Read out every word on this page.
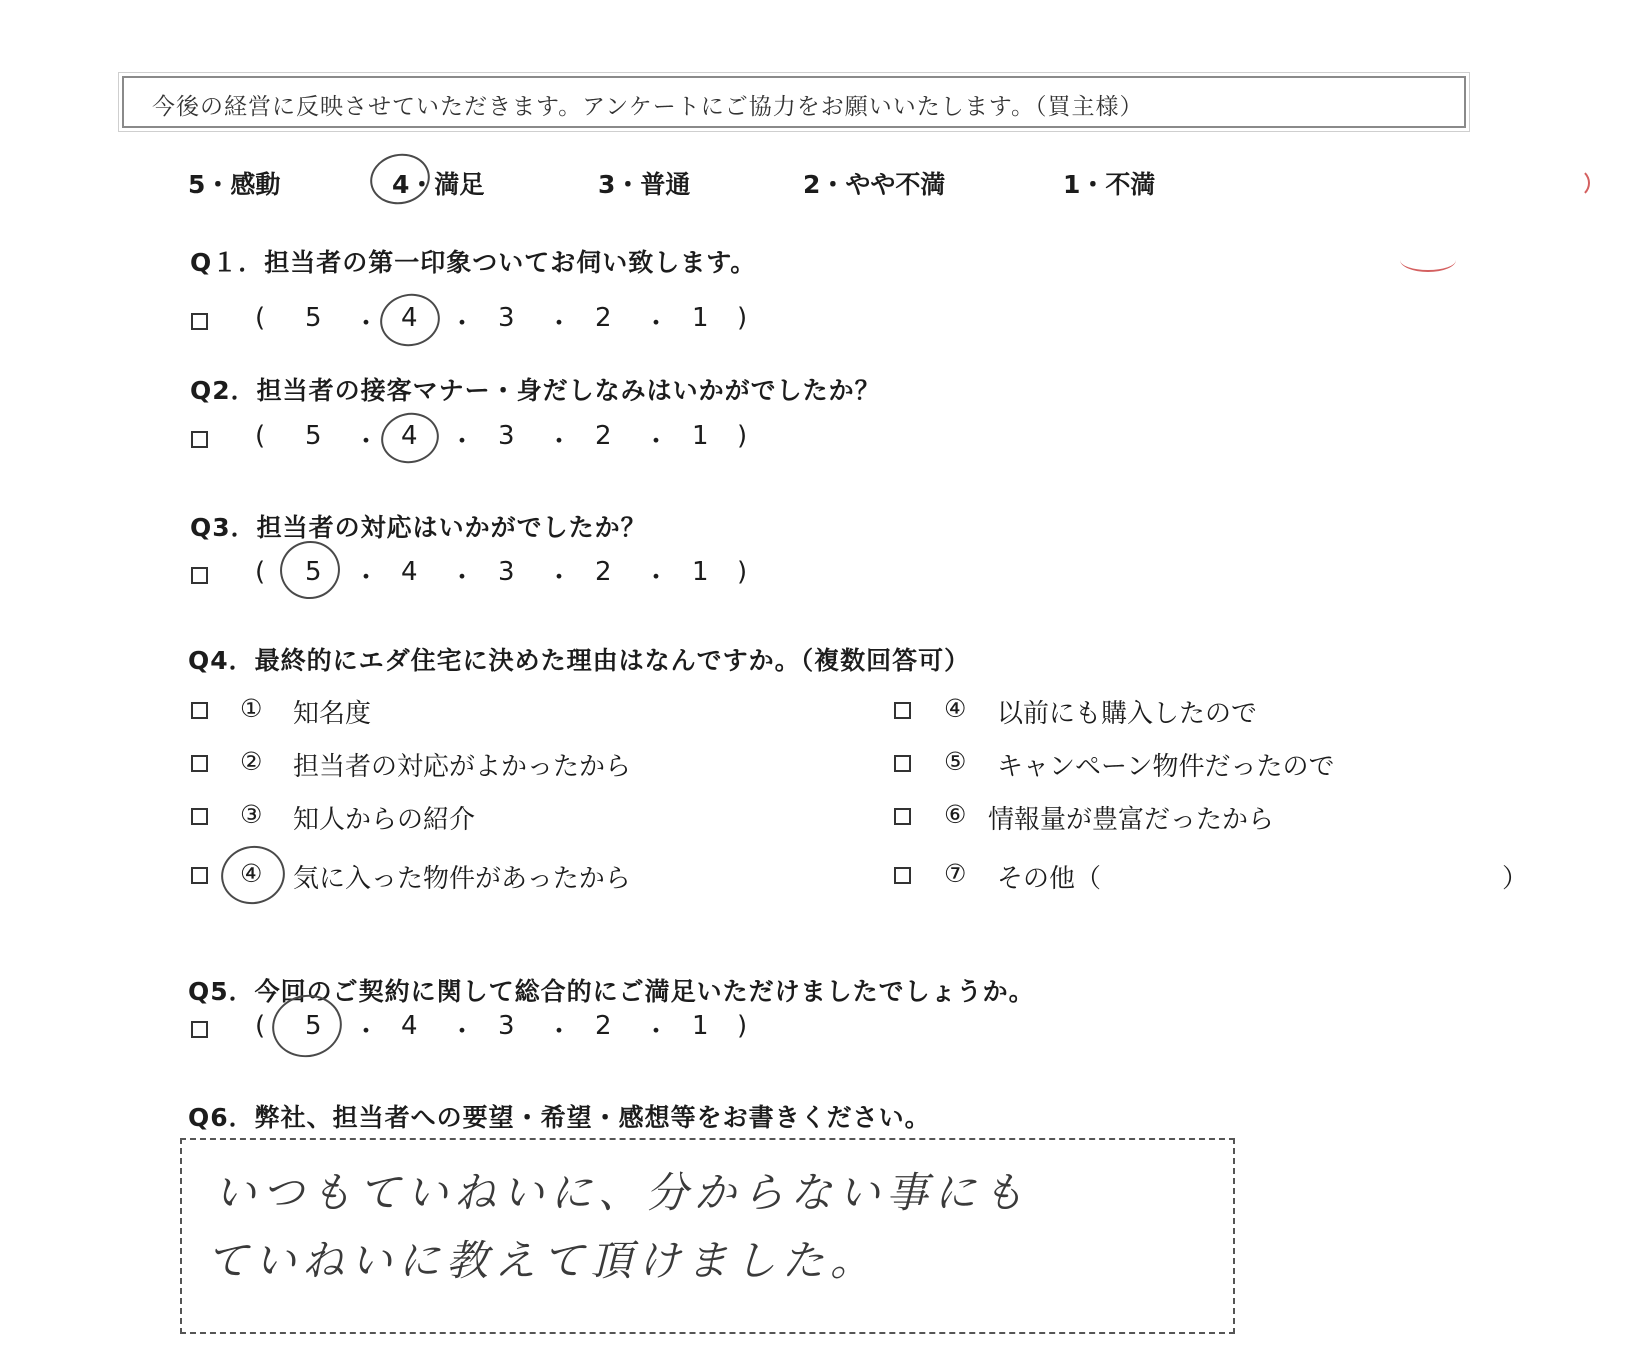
今後の経営に反映させていただきます。アンケートにご協力をお願いいたします。（買主様）
5・感動	4・満足	3・普通	2・やや不満	1・不満
Q１．担当者の第一印象ついてお伺い致します。
( 5 ・ 4 ・ 3 ・ 2 ・ 1 )
Q2．担当者の接客マナー・身だしなみはいかがでしたか？
( 5 ・ 4 ・ 3 ・ 2 ・ 1 )
Q3．担当者の対応はいかがでしたか？
( 5 ・ 4 ・ 3 ・ 2 ・ 1 )
Q4．最終的にエダ住宅に決めた理由はなんですか。（複数回答可）
① 知名度
② 担当者の対応がよかったから
③ 知人からの紹介
④ 気に入った物件があったから
④ 以前にも購入したので
⑤ キャンペーン物件だったので
⑥ 情報量が豊富だったから
⑦ その他（	）
Q5．今回のご契約に関して総合的にご満足いただけましたでしょうか。
( 5 ・ 4 ・ 3 ・ 2 ・ 1 )
Q6．弊社、担当者への要望・希望・感想等をお書きください。
いつもていねいに、分からない事にも
ていねいに教えて頂けました。
